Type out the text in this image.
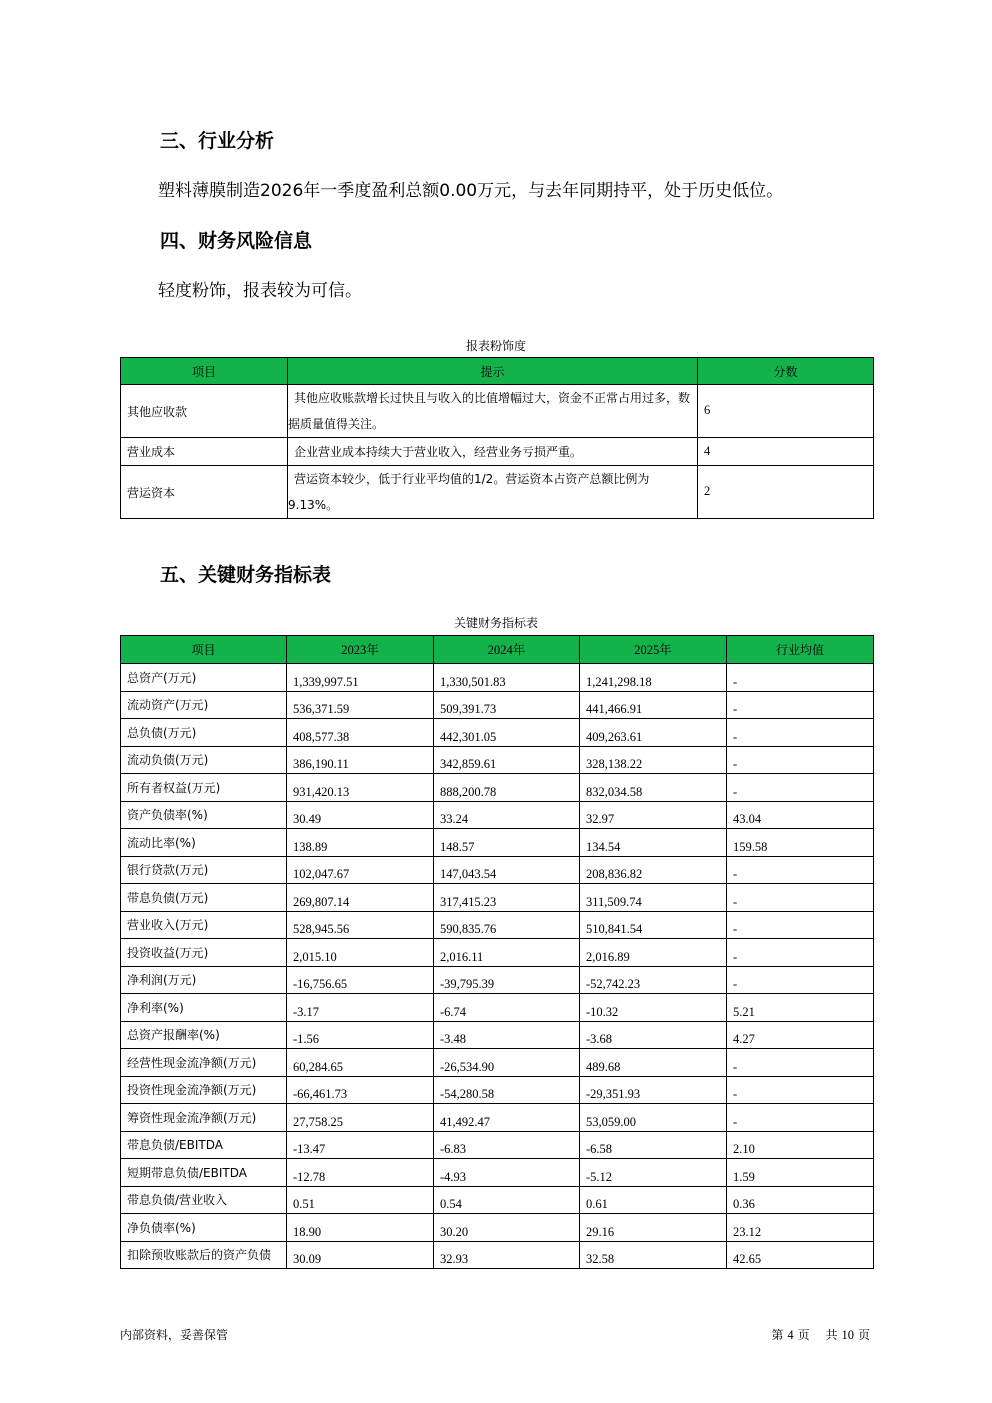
三、行业分析

塑料薄膜制造2026年一季度盈利总额0.00万元，与去年同期持平，处于历史低位。

四、财务风险信息

轻度粉饰，报表较为可信。

报表粉饰度
项目	提示	分数
其他应收款	其他应收账款增长过快且与收入的比值增幅过大，资金不正常占用过多，数据质量值得关注。	6
营业成本	企业营业成本持续大于营业收入，经营业务亏损严重。	4
营运资本	营运资本较少，低于行业平均值的1/2。营运资本占资产总额比例为9.13%。	2
五、关键财务指标表
关键财务指标表
项目	2023年	2024年	2025年	行业均值
总资产(万元)	1,339,997.51	1,330,501.83	1,241,298.18	-
流动资产(万元)	536,371.59	509,391.73	441,466.91	-
总负债(万元)	408,577.38	442,301.05	409,263.61	-
流动负债(万元)	386,190.11	342,859.61	328,138.22	-
所有者权益(万元)	931,420.13	888,200.78	832,034.58	-
资产负债率(%)	30.49	33.24	32.97	43.04
流动比率(%)	138.89	148.57	134.54	159.58
银行贷款(万元)	102,047.67	147,043.54	208,836.82	-
带息负债(万元)	269,807.14	317,415.23	311,509.74	-
营业收入(万元)	528,945.56	590,835.76	510,841.54	-
投资收益(万元)	2,015.10	2,016.11	2,016.89	-
净利润(万元)	-16,756.65	-39,795.39	-52,742.23	-
净利率(%)	-3.17	-6.74	-10.32	5.21
总资产报酬率(%)	-1.56	-3.48	-3.68	4.27
经营性现金流净额(万元)	60,284.65	-26,534.90	489.68	-
投资性现金流净额(万元)	-66,461.73	-54,280.58	-29,351.93	-
筹资性现金流净额(万元)	27,758.25	41,492.47	53,059.00	-
带息负债/EBITDA	-13.47	-6.83	-6.58	2.10
短期带息负债/EBITDA	-12.78	-4.93	-5.12	1.59
带息负债/营业收入	0.51	0.54	0.61	0.36
净负债率(%)	18.90	30.20	29.16	23.12
扣除预收账款后的资产负债	30.09	32.93	32.58	42.65
内部资料，妥善保管	第 4 页 共 10 页
